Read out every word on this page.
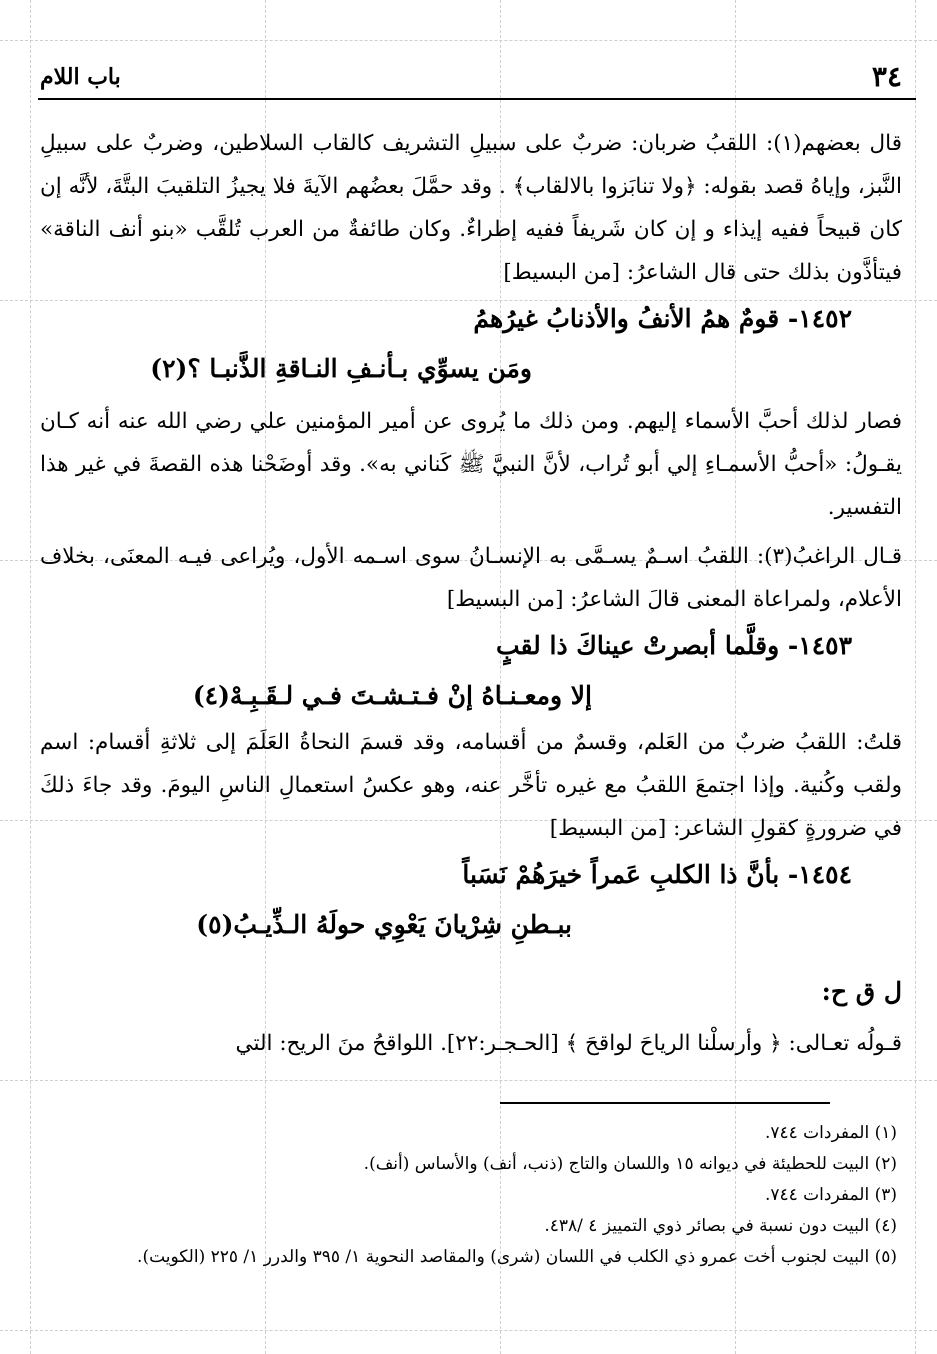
٣٤
باب اللام

قال بعضهم(١): اللقبُ ضربان: ضربٌ على سبيلِ التشريف كالقاب السلاطين، وضربٌ على سبيلِ النَّبز، وإياهُ قصد بقوله: ﴿ولا تنابَزوا بالالقاب﴾ . وقد حمَّلَ بعضُهم الآيةَ فلا يجيزُ التلقيبَ البتَّةَ، لأنَّه إن كان قبيحاً ففيه إيذاء و إن كان شَريفاً ففيه إطراءٌ. وكان طائفةٌ من العرب تُلقَّب «بنو أنف الناقة» فيتأذَّون بذلك حتى قال الشاعرُ: [من البسيط]

١٤٥٢- قومٌ همُ الأنفُ والأذنابُ غيرُهمُ

ومَن يسوِّي بـأنـفِ النـاقةِ الذَّنبـا ؟(٢)

فصار لذلك أحبَّ الأسماء إليهم. ومن ذلك ما يُروى عن أمير المؤمنين علي رضي الله عنه أنه كـان يقـولُ: «أحبُّ الأسمـاءِ إلي أبو تُراب، لأنَّ النبيَّ ﷺ كَناني به». وقد أوضَحْنا هذه القصةَ في غير هذا التفسير.

قـال الراغبُ(٣): اللقبُ اسـمٌ يسـمَّى به الإنسـانُ سوى اسـمه الأول، ويُراعى فيـه المعنَى، بخلاف الأعلام، ولمراعاة المعنى قالَ الشاعرُ: [من البسيط]

١٤٥٣- وقلَّما أبصرتْ عيناكَ ذا لقبٍ

إلا ومعـنـاهُ إنْ فـتـشـتَ فـي لـقَـبِـهْ(٤)

قلتُ: اللقبُ ضربٌ من العَلم، وقسمٌ من أقسامه، وقد قسمَ النحاةُ العَلَمَ إلى ثلاثةِ أقسام: اسم ولقب وكُنية. وإذا اجتمعَ اللقبُ مع غيره تأخَّر عنه، وهو عكسُ استعمالِ الناسِ اليومَ. وقد جاءَ ذلكَ في ضرورةٍ كقولِ الشاعر: [من البسيط]

١٤٥٤- بأنَّ ذا الكلبِ عَمراً خيرَهُمْ نَسَباً

ببـطنِ شِرْيانَ يَعْوِي حولَهُ الـذِّيـبُ(٥)

ل ق ح:

قـولُه تعـالى: ﴿ وأرسلْنا الرياحَ لواقحَ ﴾ [الحـجـر:٢٢]. اللواقحُ منَ الريح: التي

(١) المفردات ٧٤٤.

(٢) البيت للحطيئة في ديوانه ١٥ واللسان والتاج (ذنب، أنف) والأساس (أنف).

(٣) المفردات ٧٤٤.

(٤) البيت دون نسبة في بصائر ذوي التمييز ٤ /٤٣٨.

(٥) البيت لجنوب أخت عمرو ذي الكلب في اللسان (شرى) والمقاصد النحوية ١/ ٣٩٥ والدرر ١/ ٢٢٥ (الكويت).
